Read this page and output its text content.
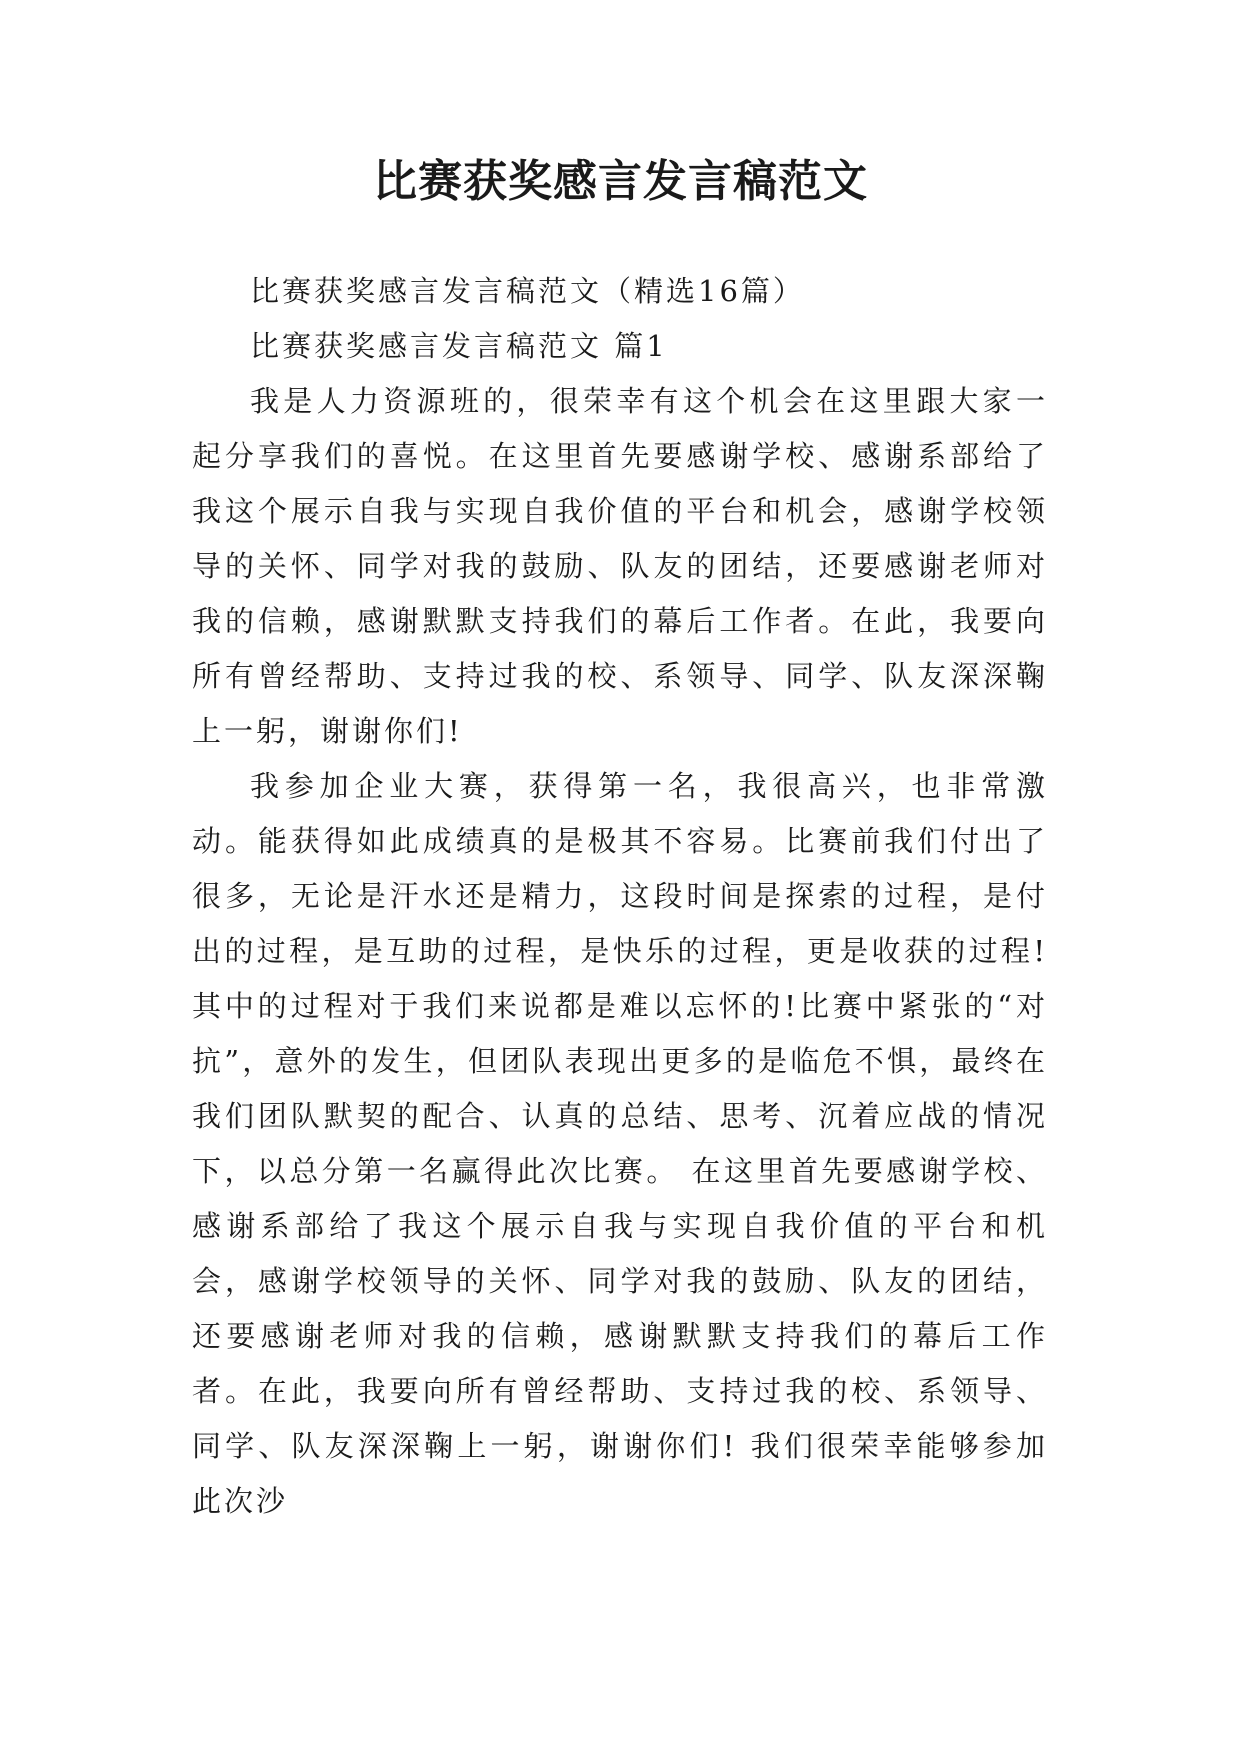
比赛获奖感言发言稿范文

比赛获奖感言发言稿范文（精选16篇）

比赛获奖感言发言稿范文 篇1

我是人力资源班的，很荣幸有这个机会在这里跟大家一起分享我们的喜悦。在这里首先要感谢学校、感谢系部给了我这个展示自我与实现自我价值的平台和机会，感谢学校领导的关怀、同学对我的鼓励、队友的团结，还要感谢老师对我的信赖，感谢默默支持我们的幕后工作者。在此，我要向所有曾经帮助、支持过我的校、系领导、同学、队友深深鞠上一躬，谢谢你们!

我参加企业大赛，获得第一名，我很高兴，也非常激动。能获得如此成绩真的是极其不容易。比赛前我们付出了很多，无论是汗水还是精力，这段时间是探索的过程，是付出的过程，是互助的过程，是快乐的过程，更是收获的过程!其中的过程对于我们来说都是难以忘怀的!比赛中紧张的“对抗”，意外的发生，但团队表现出更多的是临危不惧，最终在我们团队默契的配合、认真的总结、思考、沉着应战的情况下，以总分第一名赢得此次比赛。 在这里首先要感谢学校、感谢系部给了我这个展示自我与实现自我价值的平台和机会，感谢学校领导的关怀、同学对我的鼓励、队友的团结，还要感谢老师对我的信赖，感谢默默支持我们的幕后工作者。在此，我要向所有曾经帮助、支持过我的校、系领导、同学、队友深深鞠上一躬，谢谢你们! 我们很荣幸能够参加此次沙
